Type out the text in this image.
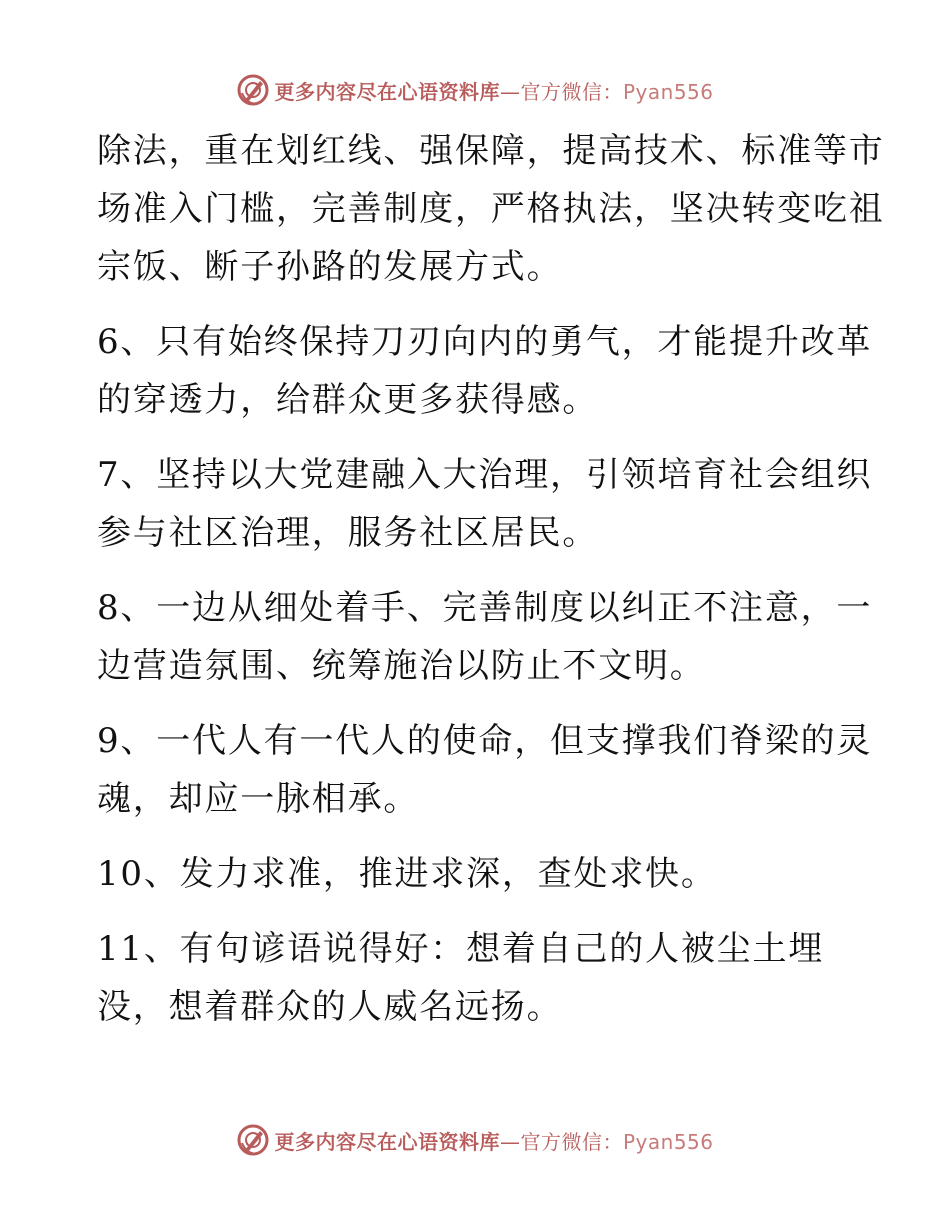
更多内容尽在心语资料库—官方微信：Pyan556

除法，重在划红线、强保障，提高技术、标准等市
场准入门槛，完善制度，严格执法，坚决转变吃祖
宗饭、断子孙路的发展方式。

6、只有始终保持刀刃向内的勇气，才能提升改革
的穿透力，给群众更多获得感。

7、坚持以大党建融入大治理，引领培育社会组织
参与社区治理，服务社区居民。

8、一边从细处着手、完善制度以纠正不注意，一
边营造氛围、统筹施治以防止不文明。

9、一代人有一代人的使命，但支撑我们脊梁的灵
魂，却应一脉相承。

10、发力求准，推进求深，查处求快。

11、有句谚语说得好：想着自己的人被尘土埋
没，想着群众的人威名远扬。

更多内容尽在心语资料库—官方微信：Pyan556
